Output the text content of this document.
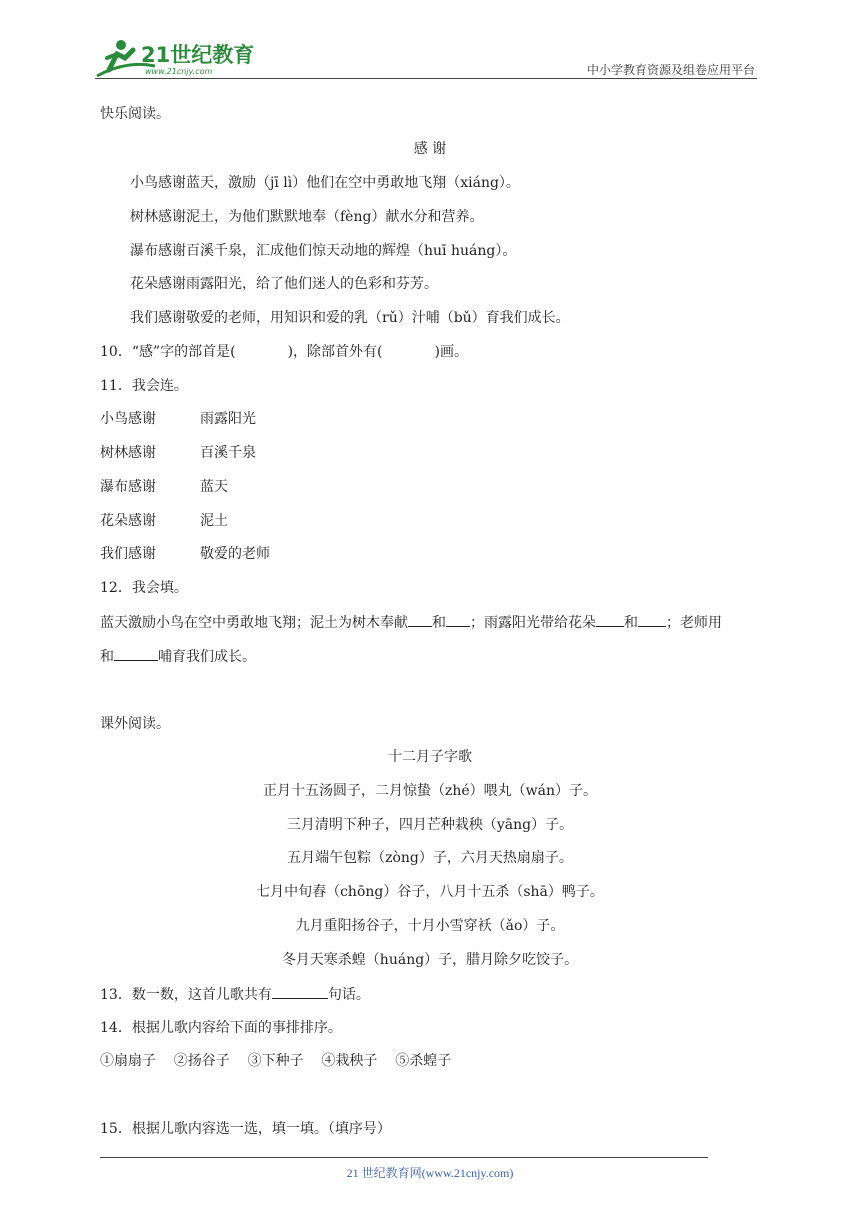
21世纪教育
www.21cnjy.com	中小学教育资源及组卷应用平台
快乐阅读。
感 谢
小鸟感谢蓝天，激励（jī lì）他们在空中勇敢地飞翔（xiáng）。
树林感谢泥土，为他们默默地奉（fèng）献水分和营养。
瀑布感谢百溪千泉，汇成他们惊天动地的辉煌（huī huáng）。
花朵感谢雨露阳光，给了他们迷人的色彩和芬芳。
我们感谢敬爱的老师，用知识和爱的乳（rǔ）汁哺（bǔ）育我们成长。
10．“感”字的部首是(	)，除部首外有(	)画。
11．我会连。
小鸟感谢	雨露阳光
树林感谢	百溪千泉
瀑布感谢	蓝天
花朵感谢	泥土
我们感谢	敬爱的老师
12．我会填。
蓝天激励小鸟在空中勇敢地飞翔；泥土为树木奉献 和 ；雨露阳光带给花朵 和 ；老师用
和	哺育我们成长。
课外阅读。
十二月子字歌
正月十五汤圆子，二月惊蛰（zhé）喂丸（wán）子。
三月清明下种子，四月芒种栽秧（yāng）子。
五月端午包粽（zòng）子，六月天热扇扇子。
七月中旬舂（chōng）谷子，八月十五杀（shā）鸭子。
九月重阳扬谷子，十月小雪穿袄（ǎo）子。
冬月天寒杀蝗（huáng）子，腊月除夕吃饺子。
13．数一数，这首儿歌共有	句话。
14．根据儿歌内容给下面的事排排序。
①扇扇子    ②扬谷子    ③下种子    ④栽秧子    ⑤杀蝗子
15．根据儿歌内容选一选，填一填。（填序号）
21 世纪教育网(www.21cnjy.com)
